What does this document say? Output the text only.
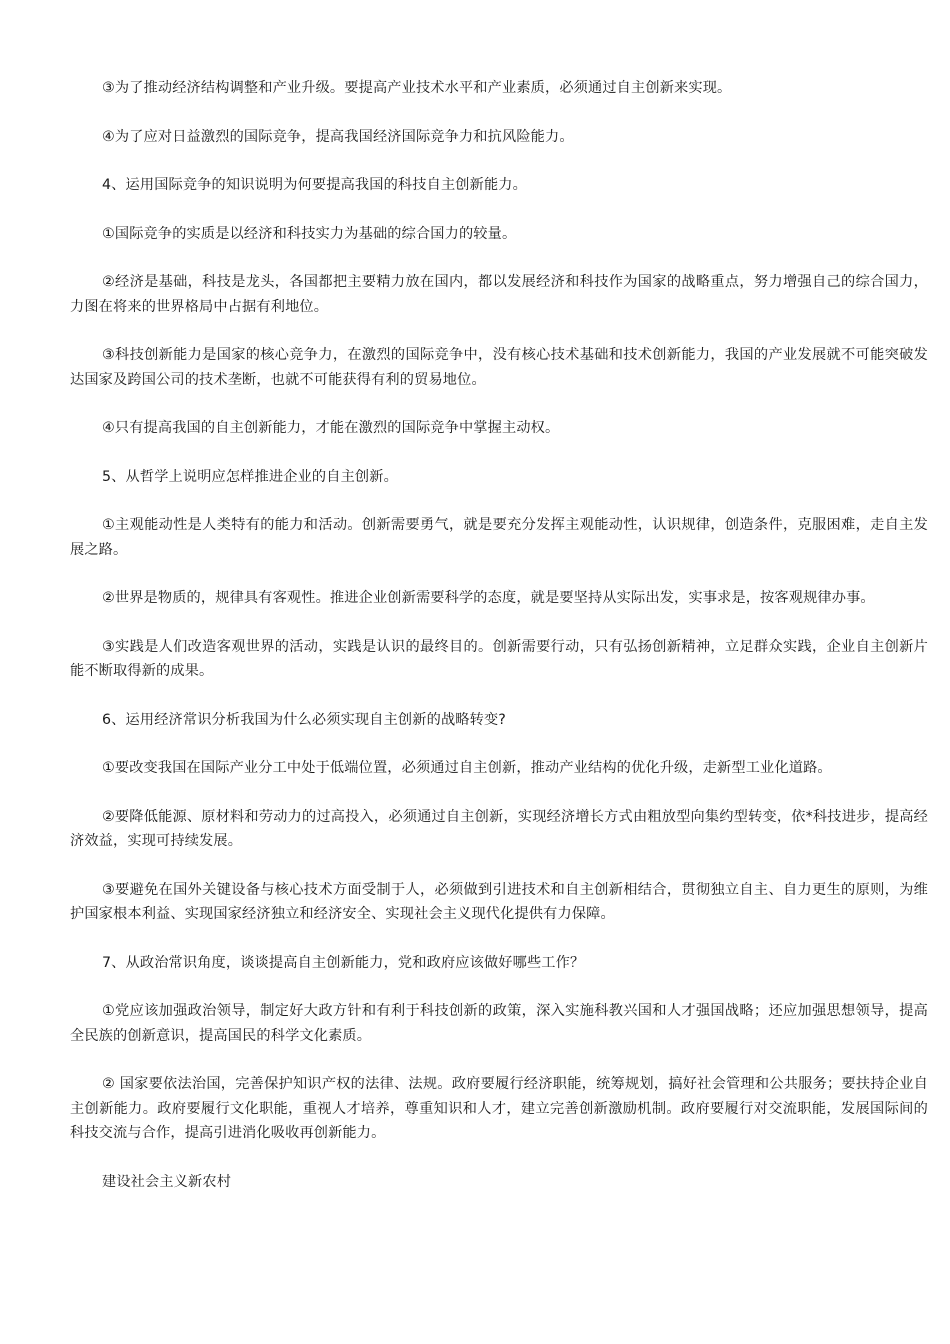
③为了推动经济结构调整和产业升级。要提高产业技术水平和产业素质，必须通过自主创新来实现。

④为了应对日益激烈的国际竞争，提高我国经济国际竞争力和抗风险能力。

4、运用国际竞争的知识说明为何要提高我国的科技自主创新能力。

①国际竞争的实质是以经济和科技实力为基础的综合国力的较量。

②经济是基础，科技是龙头，各国都把主要精力放在国内，都以发展经济和科技作为国家的战略重点，努力增强自己的综合国力，力图在将来的世界格局中占据有利地位。

③科技创新能力是国家的核心竞争力，在激烈的国际竞争中，没有核心技术基础和技术创新能力，我国的产业发展就不可能突破发达国家及跨国公司的技术垄断，也就不可能获得有利的贸易地位。

④只有提高我国的自主创新能力，才能在激烈的国际竞争中掌握主动权。

5、从哲学上说明应怎样推进企业的自主创新。

①主观能动性是人类特有的能力和活动。创新需要勇气，就是要充分发挥主观能动性，认识规律，创造条件，克服困难，走自主发展之路。

②世界是物质的，规律具有客观性。推进企业创新需要科学的态度，就是要坚持从实际出发，实事求是，按客观规律办事。

③实践是人们改造客观世界的活动，实践是认识的最终目的。创新需要行动，只有弘扬创新精神，立足群众实践，企业自主创新片能不断取得新的成果。

6、运用经济常识分析我国为什么必须实现自主创新的战略转变?

①要改变我国在国际产业分工中处于低端位置，必须通过自主创新，推动产业结构的优化升级，走新型工业化道路。

②要降低能源、原材料和劳动力的过高投入，必须通过自主创新，实现经济增长方式由粗放型向集约型转变，依*科技进步，提高经济效益，实现可持续发展。

③要避免在国外关键设备与核心技术方面受制于人，必须做到引进技术和自主创新相结合，贯彻独立自主、自力更生的原则，为维护国家根本利益、实现国家经济独立和经济安全、实现社会主义现代化提供有力保障。

7、从政治常识角度，谈谈提高自主创新能力，党和政府应该做好哪些工作？

①党应该加强政治领导，制定好大政方针和有利于科技创新的政策，深入实施科教兴国和人才强国战略；还应加强思想领导，提高全民族的创新意识，提高国民的科学文化素质。

② 国家要依法治国，完善保护知识产权的法律、法规。政府要履行经济职能，统筹规划，搞好社会管理和公共服务；要扶持企业自主创新能力。政府要履行文化职能，重视人才培养，尊重知识和人才，建立完善创新激励机制。政府要履行对交流职能，发展国际间的科技交流与合作，提高引进消化吸收再创新能力。

建设社会主义新农村
